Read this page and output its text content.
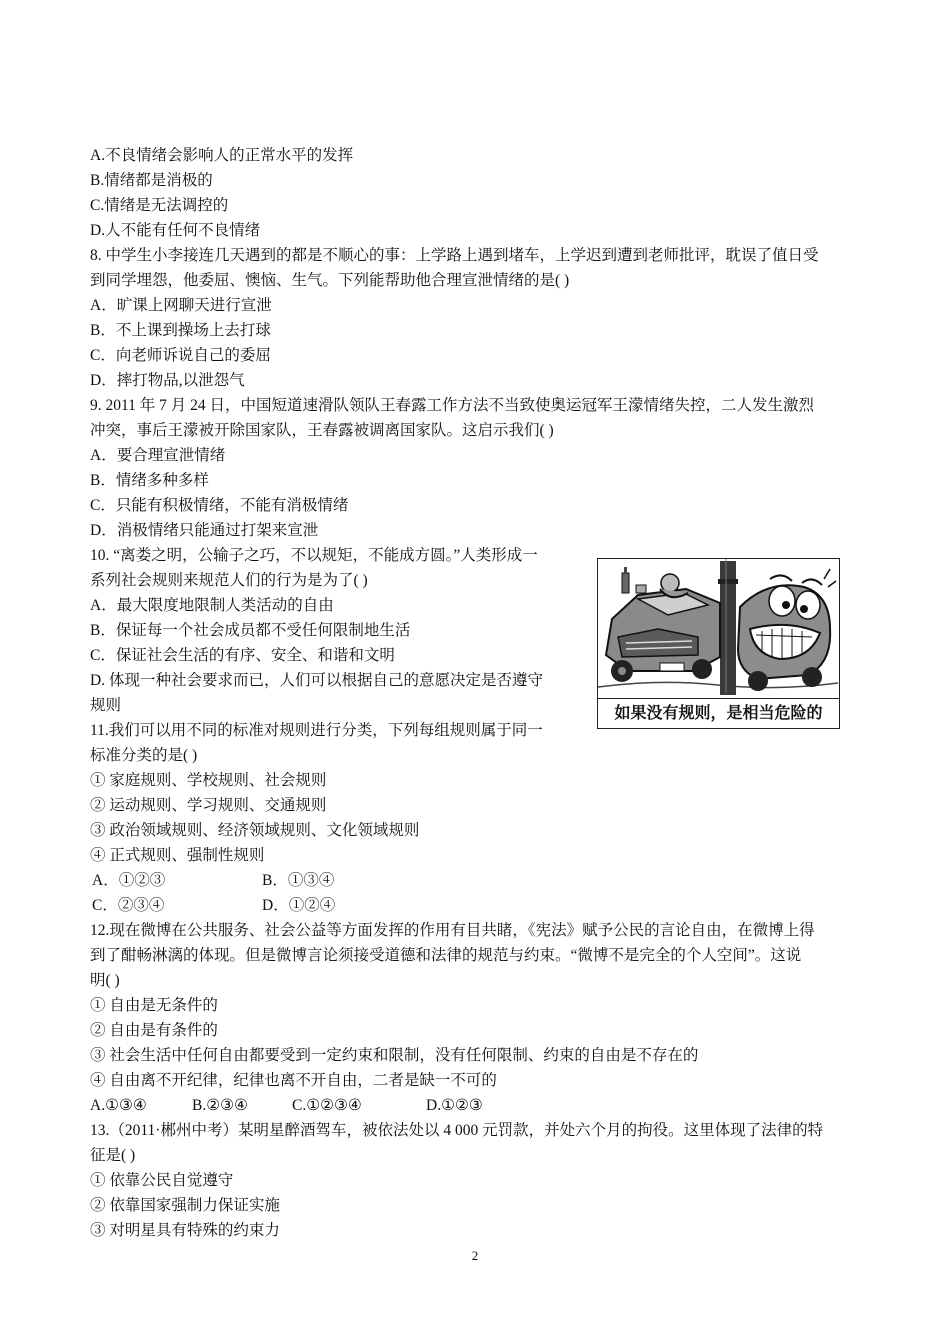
A.不良情绪会影响人的正常水平的发挥
B.情绪都是消极的
C.情绪是无法调控的
D.人不能有任何不良情绪
8. 中学生小李接连几天遇到的都是不顺心的事：上学路上遇到堵车，上学迟到遭到老师批评，耽误了值日受
到同学埋怨，他委屈、懊恼、生气。下列能帮助他合理宣泄情绪的是( )
A．旷课上网聊天进行宣泄
B．不上课到操场上去打球
C．向老师诉说自己的委屈
D．摔打物品,以泄怨气
9. 2011 年 7 月 24 日，中国短道速滑队领队王春露工作方法不当致使奥运冠军王濛情绪失控，二人发生激烈
冲突，事后王濛被开除国家队，王春露被调离国家队。这启示我们( )
A．要合理宣泄情绪
B．情绪多种多样
C．只能有积极情绪，不能有消极情绪
D．消极情绪只能通过打架来宣泄
10. “离娄之明，公输子之巧，不以规矩，不能成方圆。”人类形成一
系列社会规则来规范人们的行为是为了( )
A．最大限度地限制人类活动的自由
B．保证每一个社会成员都不受任何限制地生活
C．保证社会生活的有序、安全、和谐和文明
D. 体现一种社会要求而已，人们可以根据自己的意愿决定是否遵守
规则
11.我们可以用不同的标准对规则进行分类，下列每组规则属于同一
标准分类的是( )
① 家庭规则、学校规则、社会规则
② 运动规则、学习规则、交通规则
③ 政治领域规则、经济领域规则、文化领域规则
④ 正式规则、强制性规则
A．①②③	B．①③④
C．②③④	D．①②④
12.现在微博在公共服务、社会公益等方面发挥的作用有目共睹，《宪法》赋予公民的言论自由，在微博上得
到了酣畅淋漓的体现。但是微博言论须接受道德和法律的规范与约束。“微博不是完全的个人空间”。这说
明( )
① 自由是无条件的
② 自由是有条件的
③ 社会生活中任何自由都要受到一定约束和限制，没有任何限制、约束的自由是不存在的
④ 自由离不开纪律，纪律也离不开自由，二者是缺一不可的
A.①③④	B.②③④	C.①②③④	D.①②③
13.（2011·郴州中考）某明星醉酒驾车，被依法处以 4 000 元罚款，并处六个月的拘役。这里体现了法律的特
征是( )
① 依靠公民自觉遵守
② 依靠国家强制力保证实施
③ 对明星具有特殊的约束力
如果没有规则，是相当危险的
2
